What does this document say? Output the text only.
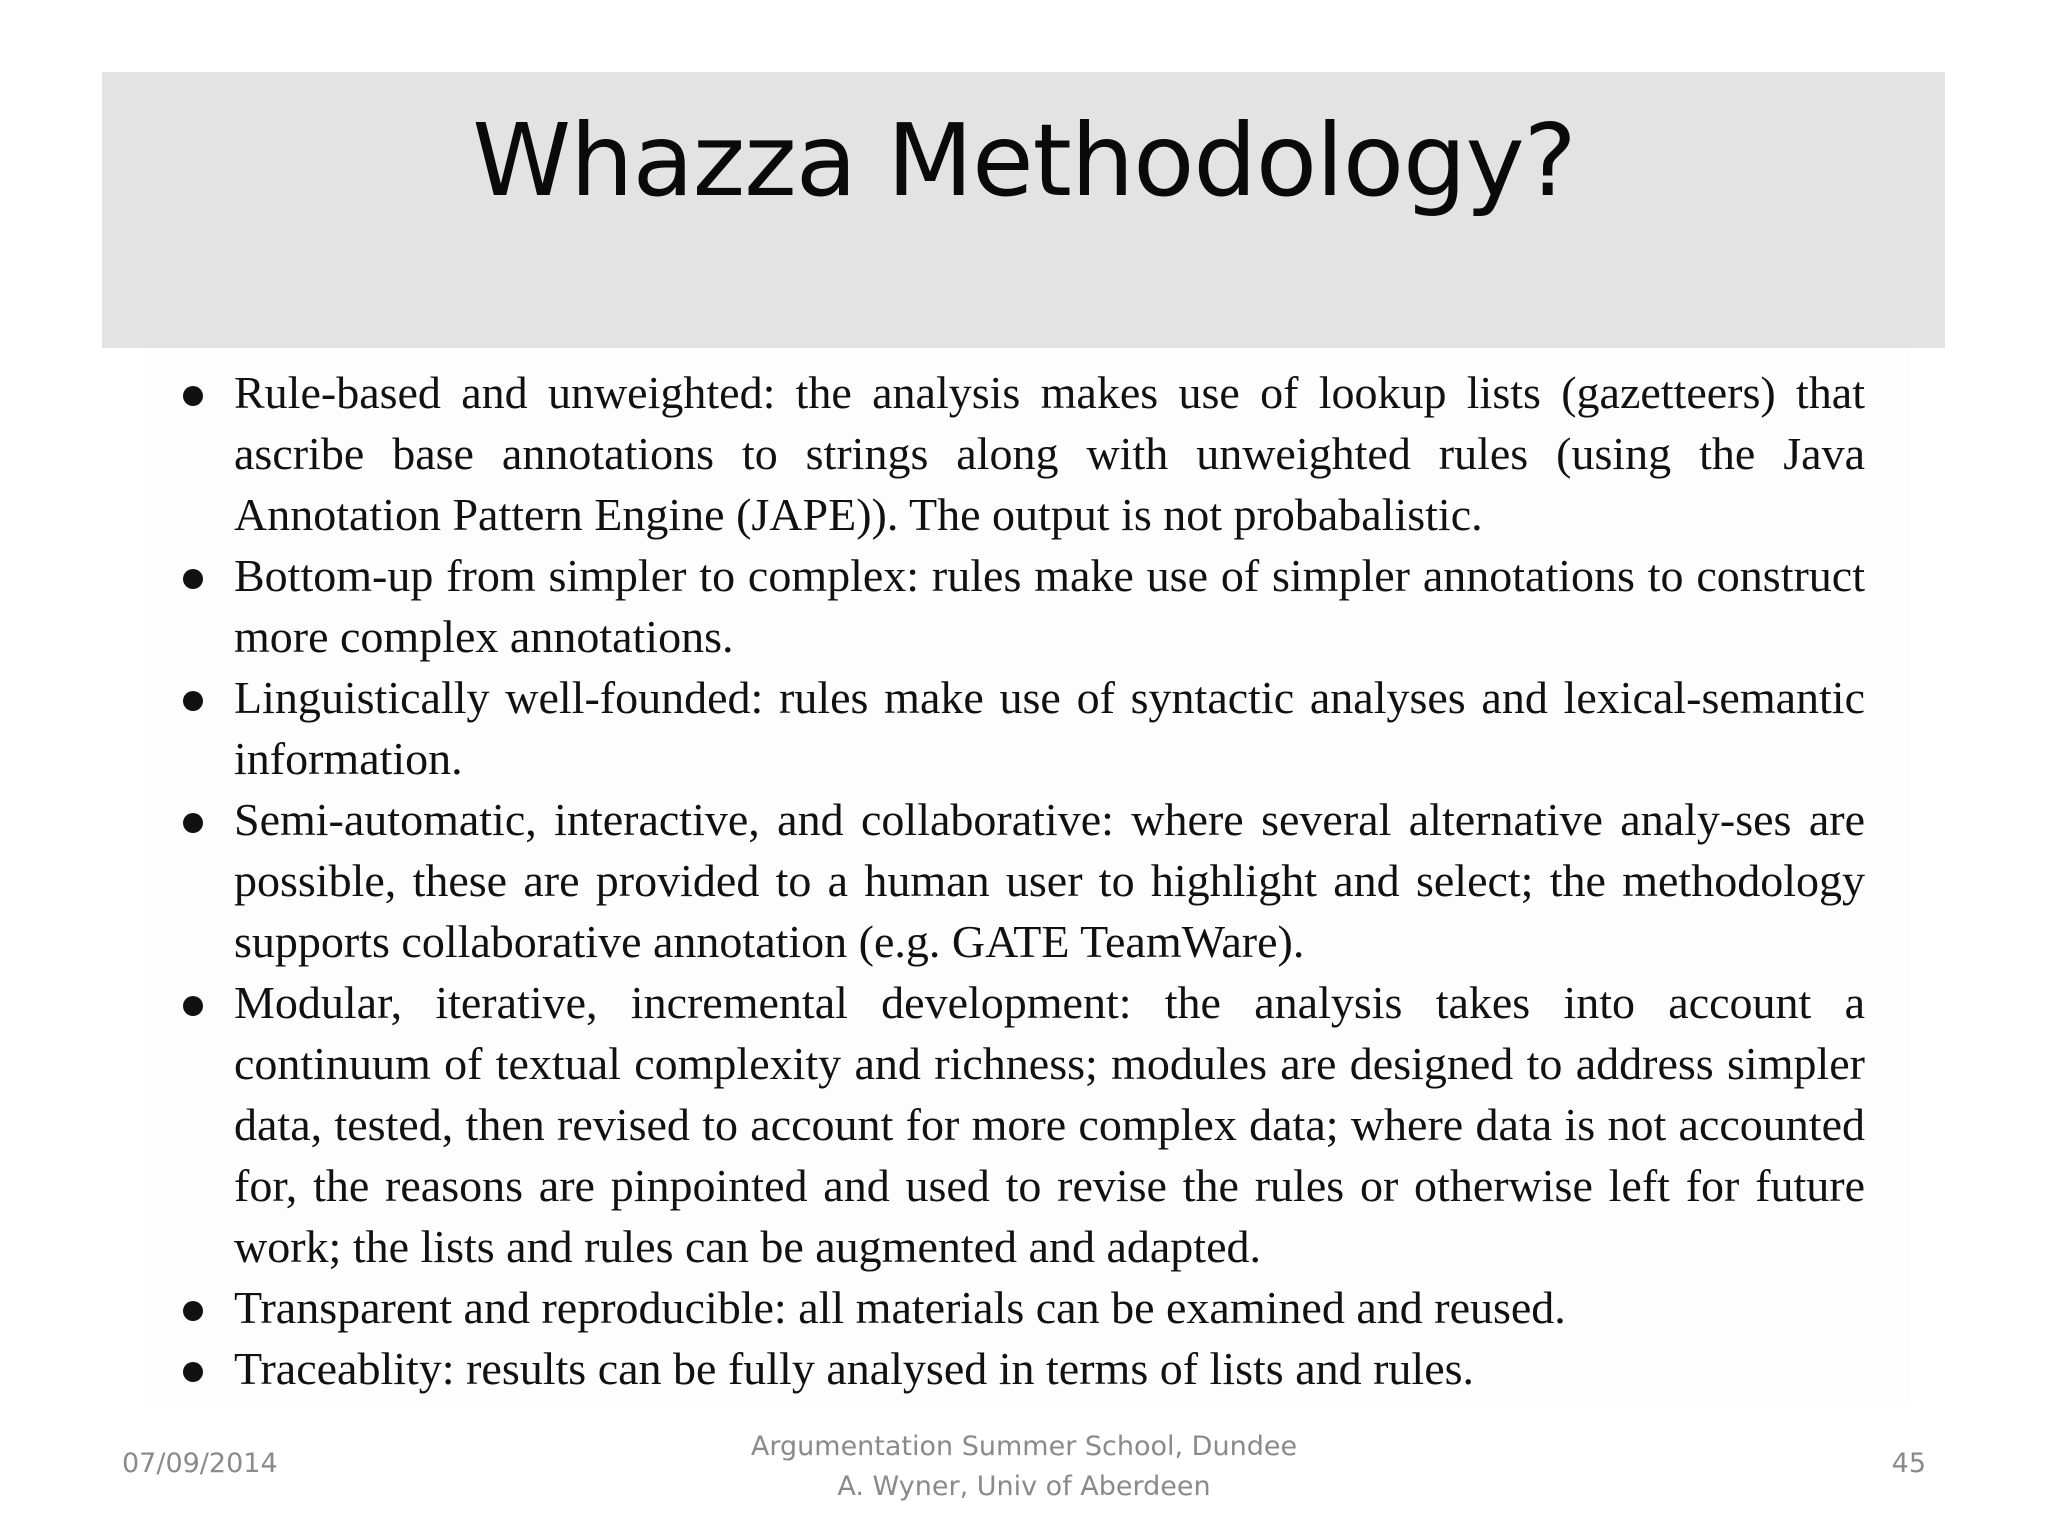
Whazza Methodology?
Rule-based and unweighted: the analysis makes use of lookup lists (gazetteers) that ascribe base annotations to strings along with unweighted rules (using the Java Annotation Pattern Engine (JAPE)). The output is not probabalistic.
Bottom-up from simpler to complex: rules make use of simpler annotations to construct more complex annotations.
Linguistically well-founded: rules make use of syntactic analyses and lexical-semantic information.
Semi-automatic, interactive, and collaborative: where several alternative analy-ses are possible, these are provided to a human user to highlight and select; the methodology supports collaborative annotation (e.g. GATE TeamWare).
Modular, iterative, incremental development: the analysis takes into account a continuum of textual complexity and richness; modules are designed to address simpler data, tested, then revised to account for more complex data; where data is not accounted for, the reasons are pinpointed and used to revise the rules or otherwise left for future work; the lists and rules can be augmented and adapted.
Transparent and reproducible: all materials can be examined and reused.
Traceablity: results can be fully analysed in terms of lists and rules.
07/09/2014
Argumentation Summer School, Dundee
A. Wyner, Univ of Aberdeen
45
